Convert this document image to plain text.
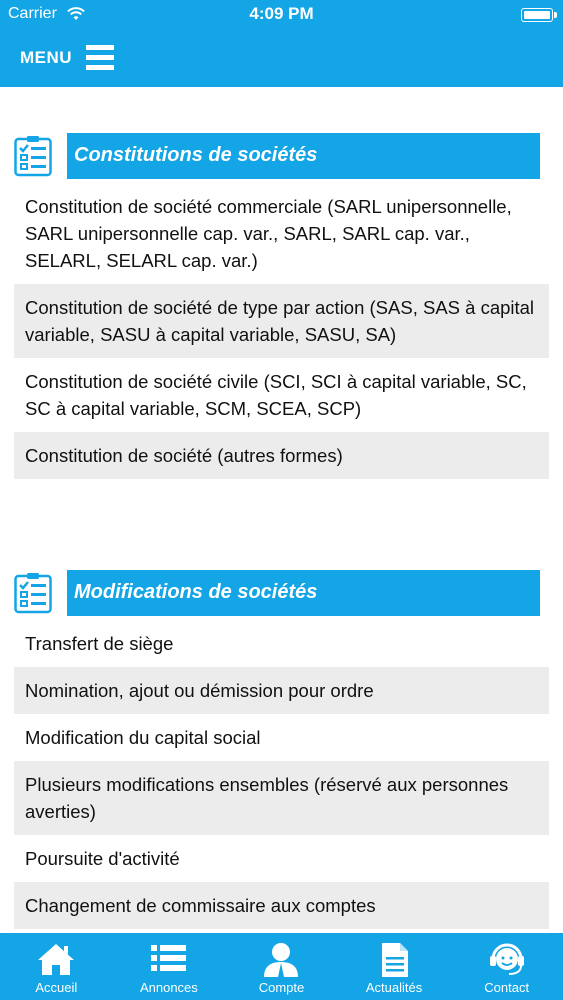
Carrier	4:09 PM
MENU
Constitutions de sociétés
Constitution de société commerciale (SARL unipersonnelle, SARL unipersonnelle cap. var., SARL, SARL cap. var., SELARL, SELARL cap. var.)
Constitution de société de type par action (SAS, SAS à capital variable, SASU à capital variable, SASU, SA)
Constitution de société civile (SCI, SCI à capital variable, SC, SC à capital variable, SCM, SCEA, SCP)
Constitution de société (autres formes)
Modifications de sociétés
Transfert de siège
Nomination, ajout ou démission pour ordre
Modification du capital social
Plusieurs modifications ensembles (réservé aux personnes averties)
Poursuite d'activité
Changement de commissaire aux comptes
Accueil	Annonces	Compte	Actualités	Contact
